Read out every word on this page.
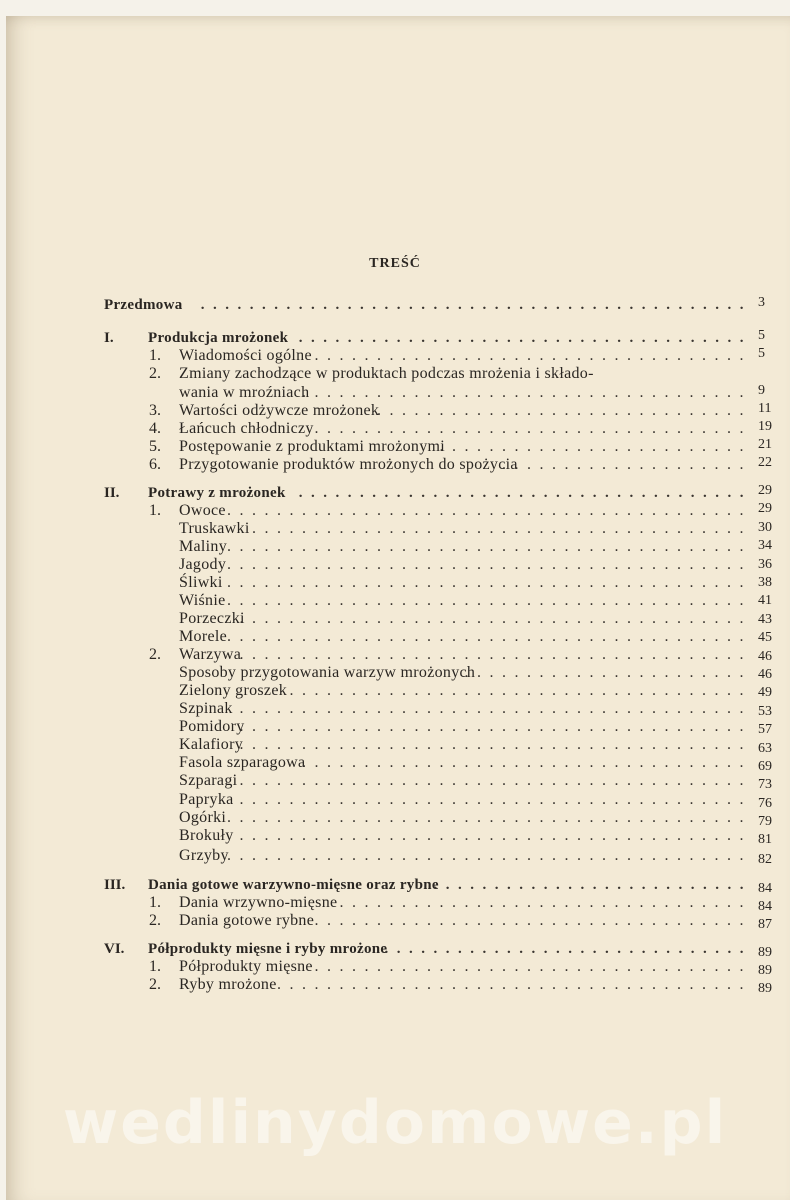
TREŚĆ
Przedmowa	............................................. 3
I. Produkcja mrożonek ..................................... 5
1. Wiadomości ogólne ................................... 5
2. Zmiany zachodzące w produktach podczas mrożenia i składo-
wania w mroźniach
.................................... 9
3. Wartości odżywcze mrożonek
.............................. 11
4. Łańcuch chłodniczy ................................... 19
5. Postępowanie z produktami mrożonymi
......................... 21
6. Przygotowanie produktów mrożonych do spożycia
.................... 22
II. Potrawy z mrożonek ..................................... 29
1. Owoce .......................................... 29
Truskawki ........................................ 30
Maliny .......................................... 34
Jagody .......................................... 36
Śliwki .......................................... 38
Wiśnie .......................................... 41
Porzeczki
......................................... 43
Morele .......................................... 45
2. Warzywa
......................................... 46
Sposoby przygotowania warzyw mrożonych
....................... 46
Zielony groszek ..................................... 49
Szpinak ......................................... 53
Pomidory
......................................... 57
Kalafiory
......................................... 63
Fasola szparagowa
.................................... 69
Szparagi ......................................... 73
Papryka ......................................... 76
Ogórki .......................................... 79
Brokuły ......................................... 81
Grzyby
.......................................... 82
III. Dania gotowe warzywno-mięsne oraz rybne
.......................... 84
1. Dania wrzywno-mięsne ................................. 84
2. Dania gotowe rybne ................................... 87
VI. Półprodukty mięsne i ryby mrożone
.............................. 89
1. Półprodukty mięsne ................................... 89
2. Ryby mrożone ...................................... 89
wedlinydomowe.pl
